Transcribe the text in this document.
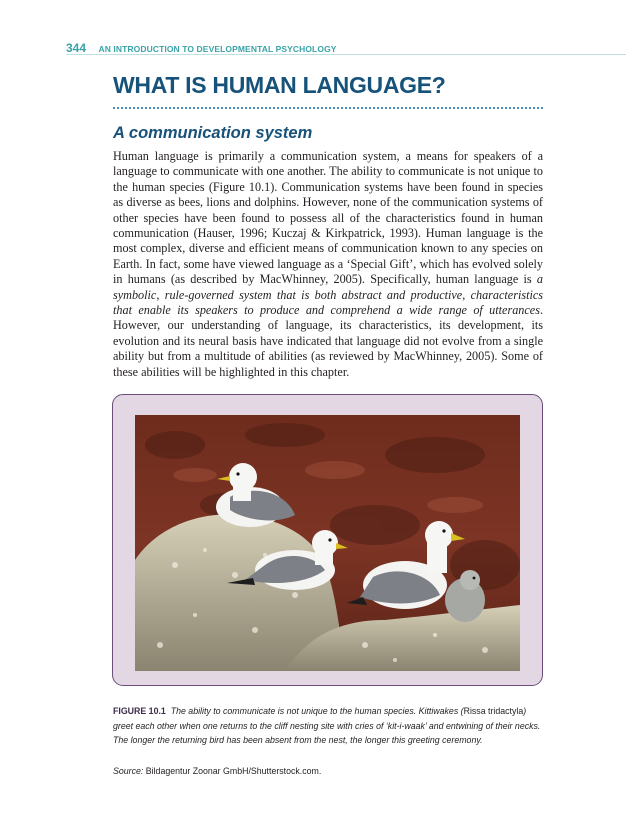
344 AN INTRODUCTION TO DEVELOPMENTAL PSYCHOLOGY
WHAT IS HUMAN LANGUAGE?
A communication system

Human language is primarily a communication system, a means for speakers of a language to communicate with one another. The ability to communicate is not unique to the human species (Figure 10.1). Communication systems have been found in species as diverse as bees, lions and dolphins. However, none of the communication systems of other species have been found to possess all of the characteristics found in human communication (Hauser, 1996; Kuczaj & Kirkpatrick, 1993). Human language is the most complex, diverse and efficient means of communication known to any species on Earth. In fact, some have viewed language as a ‘Special Gift’, which has evolved solely in humans (as described by MacWhinney, 2005). Specifically, human language is a symbolic, rule-governed system that is both abstract and productive, characteristics that enable its speakers to produce and comprehend a wide range of utterances. However, our understanding of language, its characteristics, its development, its evolution and its neural basis have indicated that language did not evolve from a single ability but from a multitude of abilities (as reviewed by MacWhinney, 2005). Some of these abilities will be highlighted in this chapter.

FIGURE 10.1 The ability to communicate is not unique to the human species. Kittiwakes (Rissa tridactyla) greet each other when one returns to the cliff nesting site with cries of ‘kit-i-waak’ and entwining of their necks. The longer the returning bird has been absent from the nest, the longer this greeting ceremony.

Source: Bildagentur Zoonar GmbH/Shutterstock.com.
